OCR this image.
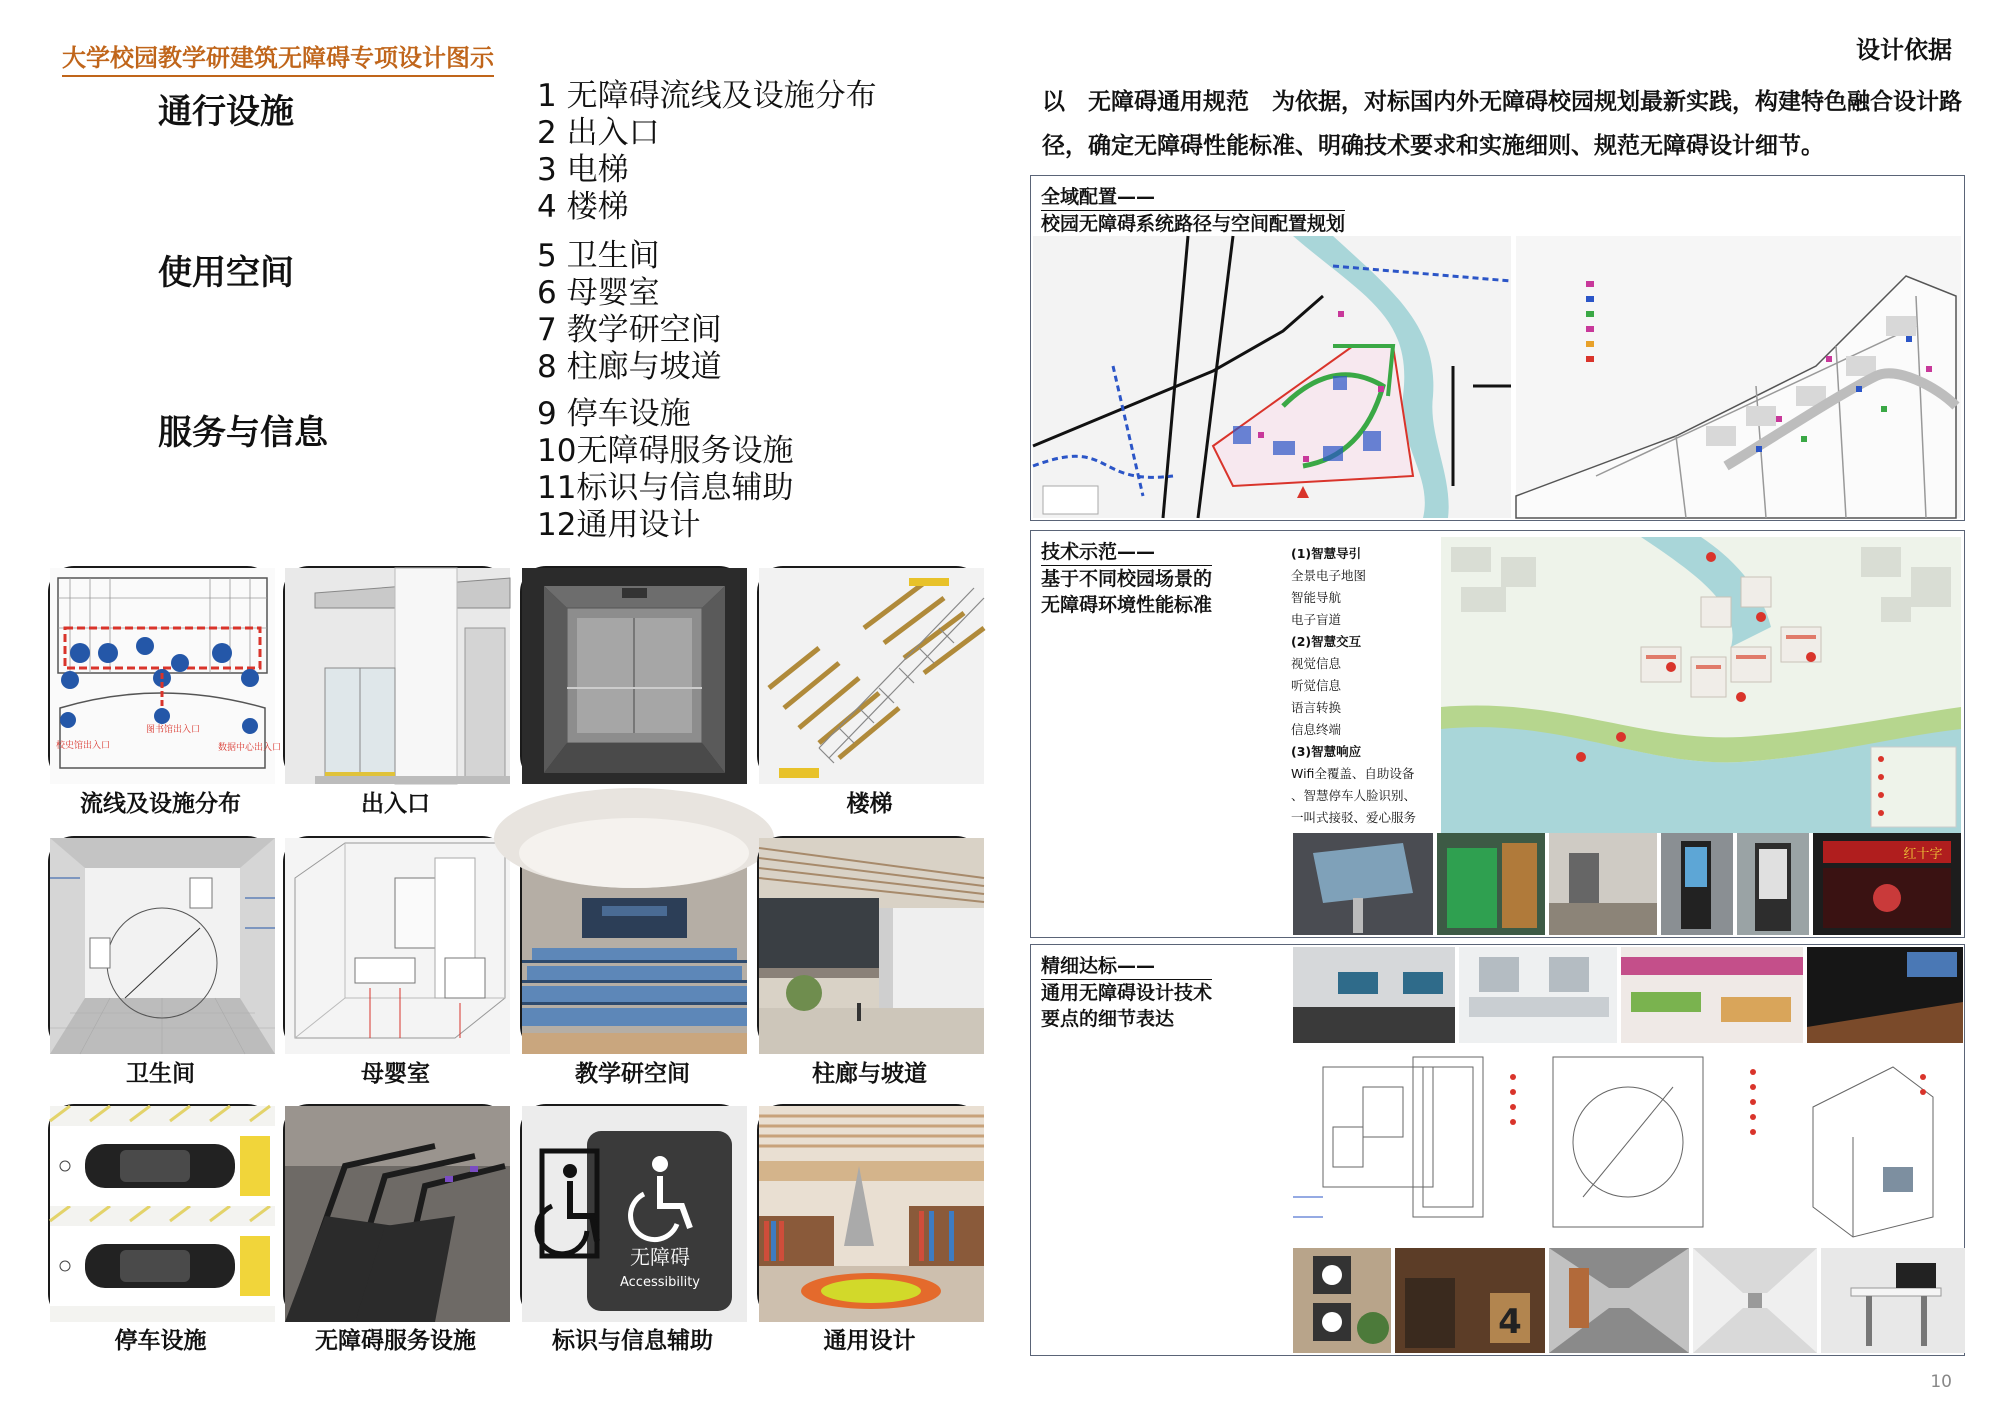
大学校园教学研建筑无障碍专项设计图示	设计依据
通行设施	1 无障碍流线及设施分布
2 出入口
3 电梯
4 楼梯
使用空间	5 卫生间
6 母婴室
7 教学研空间
8 柱廊与坡道
服务与信息	9 停车设施
10无障碍服务设施
11标识与信息辅助
12通用设计
校史馆出入口
图书馆出入口
数据中心出入口
流线及设施分布	出入口	楼梯
卫生间	母婴室	教学研空间	柱廊与坡道
无障碍
Accessibility
停车设施	无障碍服务设施	标识与信息辅助	通用设计
以　无障碍通用规范　为依据，对标国内外无障碍校园规划最新实践，构建特色融合设计路径，确定无障碍性能标准、明确技术要求和实施细则、规范无障碍设计细节。
全域配置——
校园无障碍系统路径与空间配置规划
技术示范——
基于不同校园场景的
无障碍环境性能标准
(1)智慧导引
全景电子地图
智能导航
电子盲道
(2)智慧交互
视觉信息
听觉信息
语言转换
信息终端
(3)智慧响应
Wifi全覆盖、自助设备
、智慧停车人脸识别、
一叫式接驳、爱心服务
红十字
精细达标——
通用无障碍设计技术
要点的细节表达
4
10
